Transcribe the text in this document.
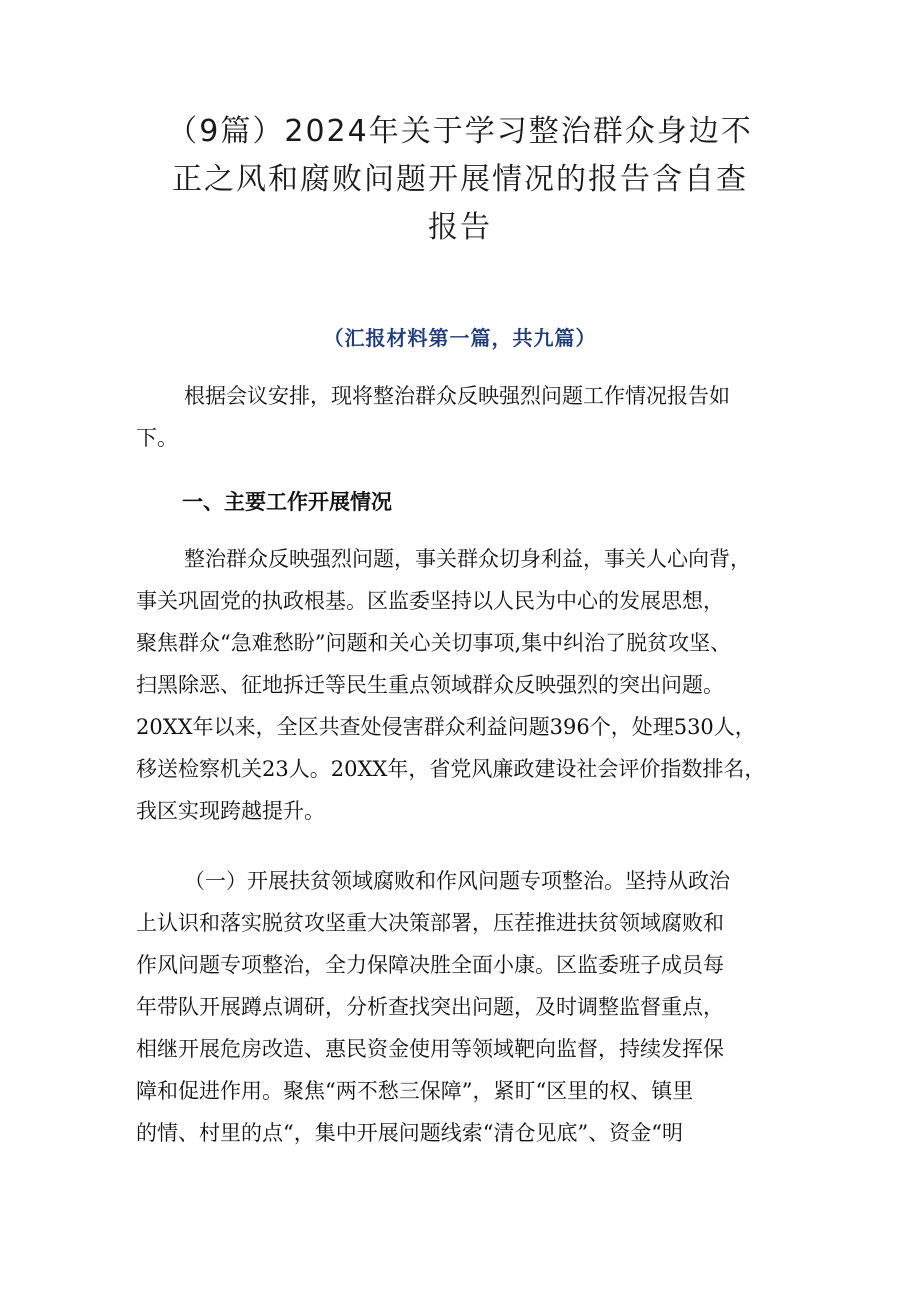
（9篇）2024年关于学习整治群众身边不
正之风和腐败问题开展情况的报告含自查
报告
（汇报材料第一篇，共九篇）
根据会议安排，现将整治群众反映强烈问题工作情况报告如
下。
一、主要工作开展情况
整治群众反映强烈问题，事关群众切身利益，事关人心向背，
事关巩固党的执政根基。区监委坚持以人民为中心的发展思想，
聚焦群众“急难愁盼”问题和关心关切事项,集中纠治了脱贫攻坚、
扫黑除恶、征地拆迁等民生重点领域群众反映强烈的突出问题。
20XX年以来，全区共查处侵害群众利益问题396个，处理530人，
移送检察机关23人。20XX年，省党风廉政建设社会评价指数排名，
我区实现跨越提升。
（一）开展扶贫领域腐败和作风问题专项整治。坚持从政治
上认识和落实脱贫攻坚重大决策部署，压茬推进扶贫领域腐败和
作风问题专项整治，全力保障决胜全面小康。区监委班子成员每
年带队开展蹲点调研，分析查找突出问题，及时调整监督重点，
相继开展危房改造、惠民资金使用等领域靶向监督，持续发挥保
障和促进作用。聚焦“两不愁三保障”，紧盯“区里的权、镇里
的情、村里的点“，集中开展问题线索“清仓见底”、资金“明
